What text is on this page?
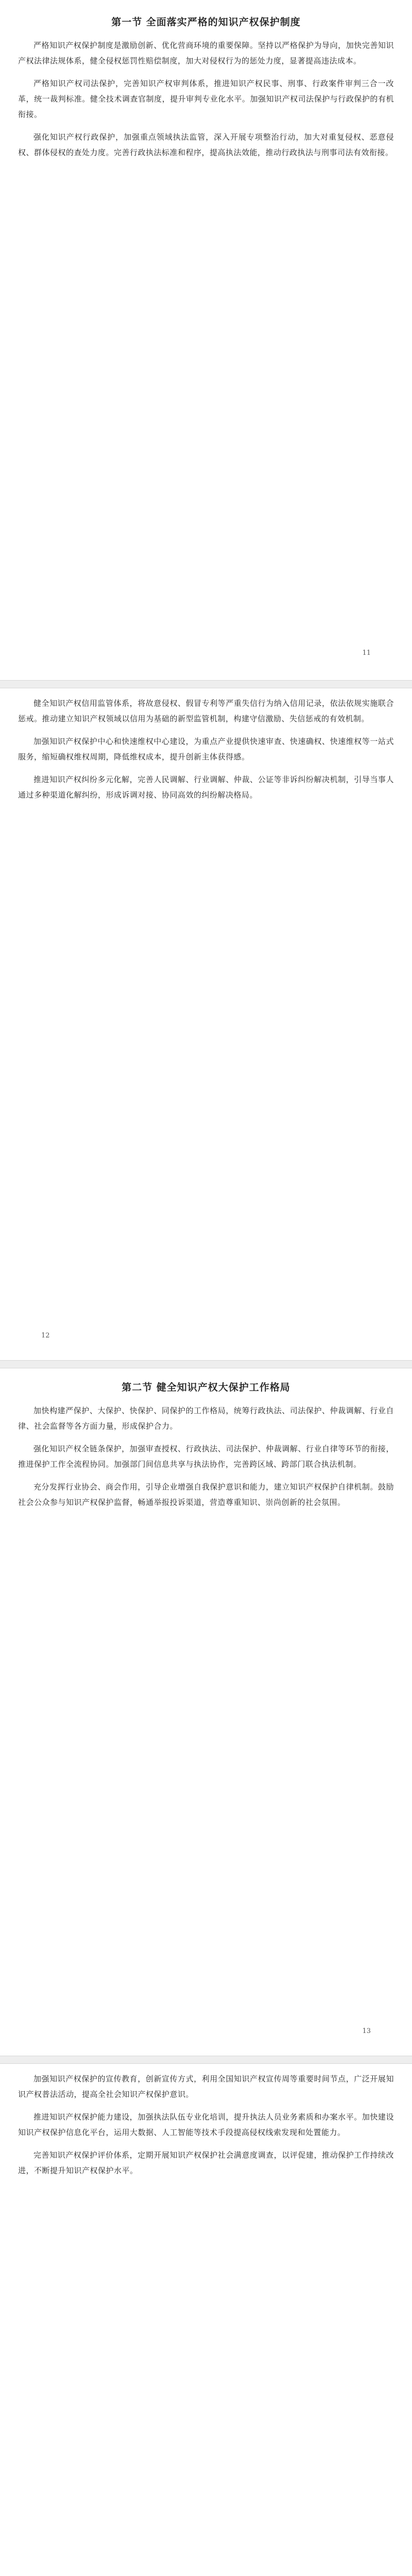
第一节 全面落实严格的知识产权保护制度

严格知识产权保护制度是激励创新、优化营商环境的重要保障。坚持以严格保护为导向，加快完善知识产权法律法规体系，健全侵权惩罚性赔偿制度，加大对侵权行为的惩处力度，显著提高违法成本。

严格知识产权司法保护，完善知识产权审判体系，推进知识产权民事、刑事、行政案件审判三合一改革，统一裁判标准。健全技术调查官制度，提升审判专业化水平。加强知识产权司法保护与行政保护的有机衔接。

强化知识产权行政保护，加强重点领域执法监管，深入开展专项整治行动，加大对重复侵权、恶意侵权、群体侵权的查处力度。完善行政执法标准和程序，提高执法效能，推动行政执法与刑事司法有效衔接。

11

健全知识产权信用监管体系，将故意侵权、假冒专利等严重失信行为纳入信用记录，依法依规实施联合惩戒。推动建立知识产权领域以信用为基础的新型监管机制，构建守信激励、失信惩戒的有效机制。

加强知识产权保护中心和快速维权中心建设，为重点产业提供快速审查、快速确权、快速维权等一站式服务，缩短确权维权周期，降低维权成本，提升创新主体获得感。

推进知识产权纠纷多元化解，完善人民调解、行业调解、仲裁、公证等非诉纠纷解决机制，引导当事人通过多种渠道化解纠纷，形成诉调对接、协同高效的纠纷解决格局。

12
第二节 健全知识产权大保护工作格局

加快构建严保护、大保护、快保护、同保护的工作格局，统筹行政执法、司法保护、仲裁调解、行业自律、社会监督等各方面力量，形成保护合力。

强化知识产权全链条保护，加强审查授权、行政执法、司法保护、仲裁调解、行业自律等环节的衔接，推进保护工作全流程协同。加强部门间信息共享与执法协作，完善跨区域、跨部门联合执法机制。

充分发挥行业协会、商会作用，引导企业增强自我保护意识和能力，建立知识产权保护自律机制。鼓励社会公众参与知识产权保护监督，畅通举报投诉渠道，营造尊重知识、崇尚创新的社会氛围。

13

加强知识产权保护的宣传教育，创新宣传方式，利用全国知识产权宣传周等重要时间节点，广泛开展知识产权普法活动，提高全社会知识产权保护意识。

推进知识产权保护能力建设，加强执法队伍专业化培训，提升执法人员业务素质和办案水平。加快建设知识产权保护信息化平台，运用大数据、人工智能等技术手段提高侵权线索发现和处置能力。

完善知识产权保护评价体系，定期开展知识产权保护社会满意度调查，以评促建，推动保护工作持续改进，不断提升知识产权保护水平。
